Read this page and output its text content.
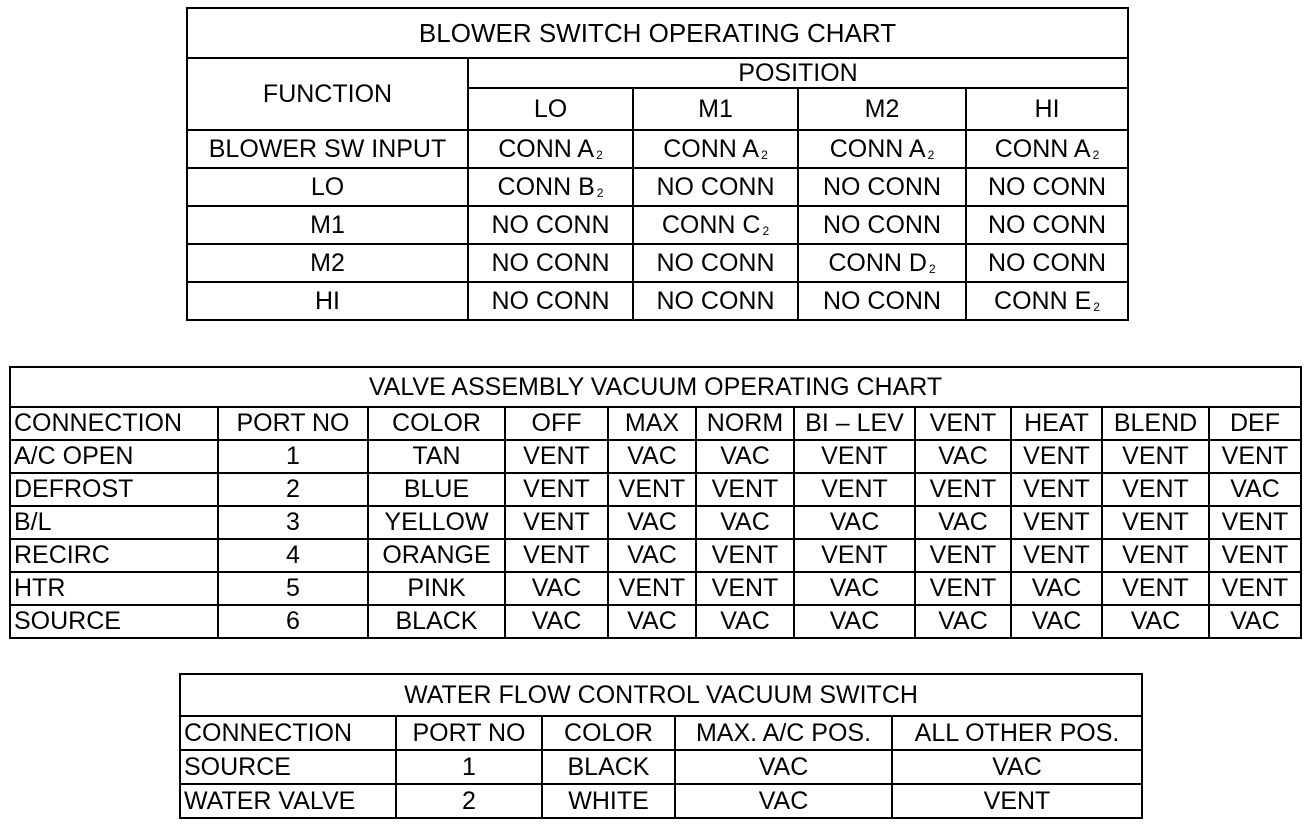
BLOWER SWITCH OPERATING CHART				
FUNCTION	POSITION			
	LO	M1	M2	HI
BLOWER SW INPUT	CONN A $_2$	CONN A $_2$	CONN A $_2$	CONN A $_2$
LO	CONN B $_2$	NO CONN	NO CONN	NO CONN
M1	NO CONN	CONN C $_2$	NO CONN	NO CONN
M2	NO CONN	NO CONN	CONN D $_2$	NO CONN
HI	NO CONN	NO CONN	NO CONN	CONN E $_2$
VALVE ASSEMBLY VACUUM OPERATING CHART										
CONNECTION	PORT NO	COLOR	OFF	MAX	NORM	BI – LEV	VENT	HEAT	BLEND	DEF
A/C OPEN	1	TAN	VENT	VAC	VAC	VENT	VAC	VENT	VENT	VENT
DEFROST	2	BLUE	VENT	VENT	VENT	VENT	VENT	VENT	VENT	VAC
B/L	3	YELLOW	VENT	VAC	VAC	VAC	VAC	VENT	VENT	VENT
RECIRC	4	ORANGE	VENT	VAC	VENT	VENT	VENT	VENT	VENT	VENT
HTR	5	PINK	VAC	VENT	VENT	VAC	VENT	VAC	VENT	VENT
SOURCE	6	BLACK	VAC	VAC	VAC	VAC	VAC	VAC	VAC	VAC
WATER FLOW CONTROL VACUUM SWITCH				
CONNECTION	PORT NO	COLOR	MAX. A/C POS.	ALL OTHER POS.
SOURCE	1	BLACK	VAC	VAC
WATER VALVE	2	WHITE	VAC	VENT
